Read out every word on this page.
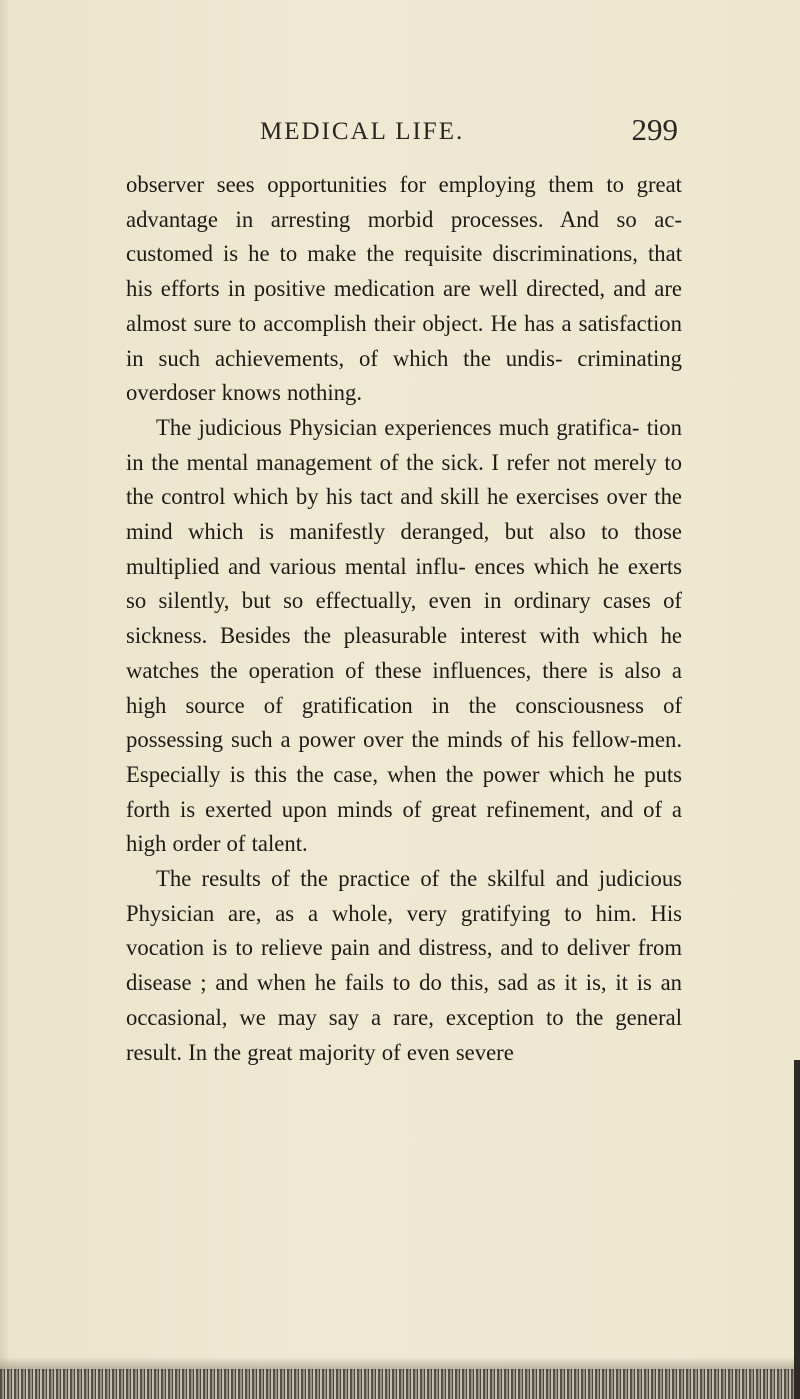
MEDICAL LIFE.	299

observer sees opportunities for employing them to great advantage in arresting morbid processes. And so ac- customed is he to make the requisite discriminations, that his efforts in positive medication are well directed, and are almost sure to accomplish their object. He has a satisfaction in such achievements, of which the undis- criminating overdoser knows nothing.

The judicious Physician experiences much gratifica- tion in the mental management of the sick. I refer not merely to the control which by his tact and skill he exercises over the mind which is manifestly deranged, but also to those multiplied and various mental influ- ences which he exerts so silently, but so effectually, even in ordinary cases of sickness. Besides the pleasurable interest with which he watches the operation of these influences, there is also a high source of gratification in the consciousness of possessing such a power over the minds of his fellow-men. Especially is this the case, when the power which he puts forth is exerted upon minds of great refinement, and of a high order of talent.

The results of the practice of the skilful and judicious Physician are, as a whole, very gratifying to him. His vocation is to relieve pain and distress, and to deliver from disease ; and when he fails to do this, sad as it is, it is an occasional, we may say a rare, exception to the general result. In the great majority of even severe
